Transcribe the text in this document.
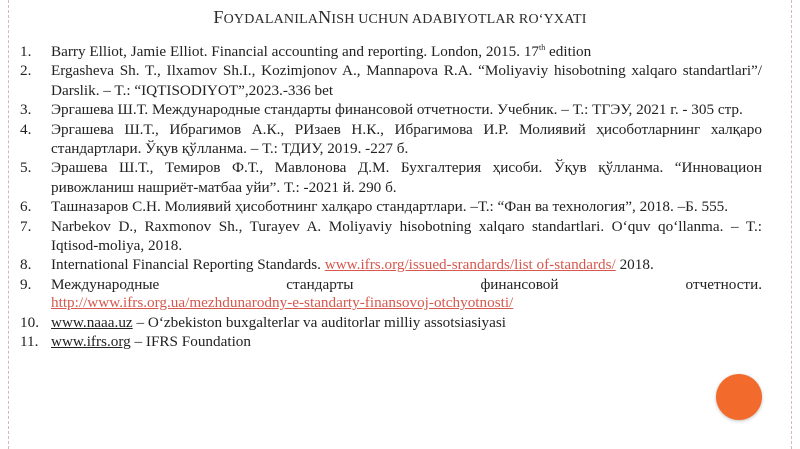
FOYDALANILANISH UCHUN ADABIYOTLAR RO‘YXATI
1. Barry Elliot, Jamie Elliot. Financial accounting and reporting. London, 2015. 17th edition
2. Ergasheva Sh. T., Ilxamov Sh.I., Kozimjonov A., Mannapova R.A. “Moliyaviy hisobotning xalqaro standartlari”/ Darslik. – T.: “IQTISODIYOT”,2023.-336 bet
3. Эргашева Ш.Т. Международные стандарты финансовой отчетности. Учебник. – Т.: ТГЭУ, 2021 г. - 305 стр.
4. Эргашева Ш.Т., Ибрагимов А.К., РИзаев Н.К., Ибрагимова И.Р. Молиявий ҳисоботларнинг халқаро стандартлари. Ўқув қўлланма. – Т.: ТДИУ, 2019. -227 б.
5. Эрашева Ш.Т., Темиров Ф.Т., Мавлонова Д.М. Бухгалтерия ҳисоби. Ўқув қўлланма. “Инновацион ривожланиш нашриёт-матбаа уйи”. Т.: -2021 й. 290 б.
6. Ташназаров С.Н. Молиявий ҳисоботнинг халқаро стандартлари. –Т.: “Фан ва технология”, 2018. –Б. 555.
7. Narbekov D., Raxmonov Sh., Turayev A. Moliyaviy hisobotning xalqaro standartlari. O‘quv qo‘llanma. – T.: Iqtisod-moliya, 2018.
8. International Financial Reporting Standards. www.ifrs.org/issued-srandards/list of-standards/ 2018.
9. Международные стандарты финансовой отчетности.
http://www.ifrs.org.ua/mezhdunarodny-e-standarty-finansovoj-otchyotnosti/
10. www.naaa.uz – O‘zbekiston buxgalterlar va auditorlar milliy assotsiasiyasi
11. www.ifrs.org – IFRS Foundation
